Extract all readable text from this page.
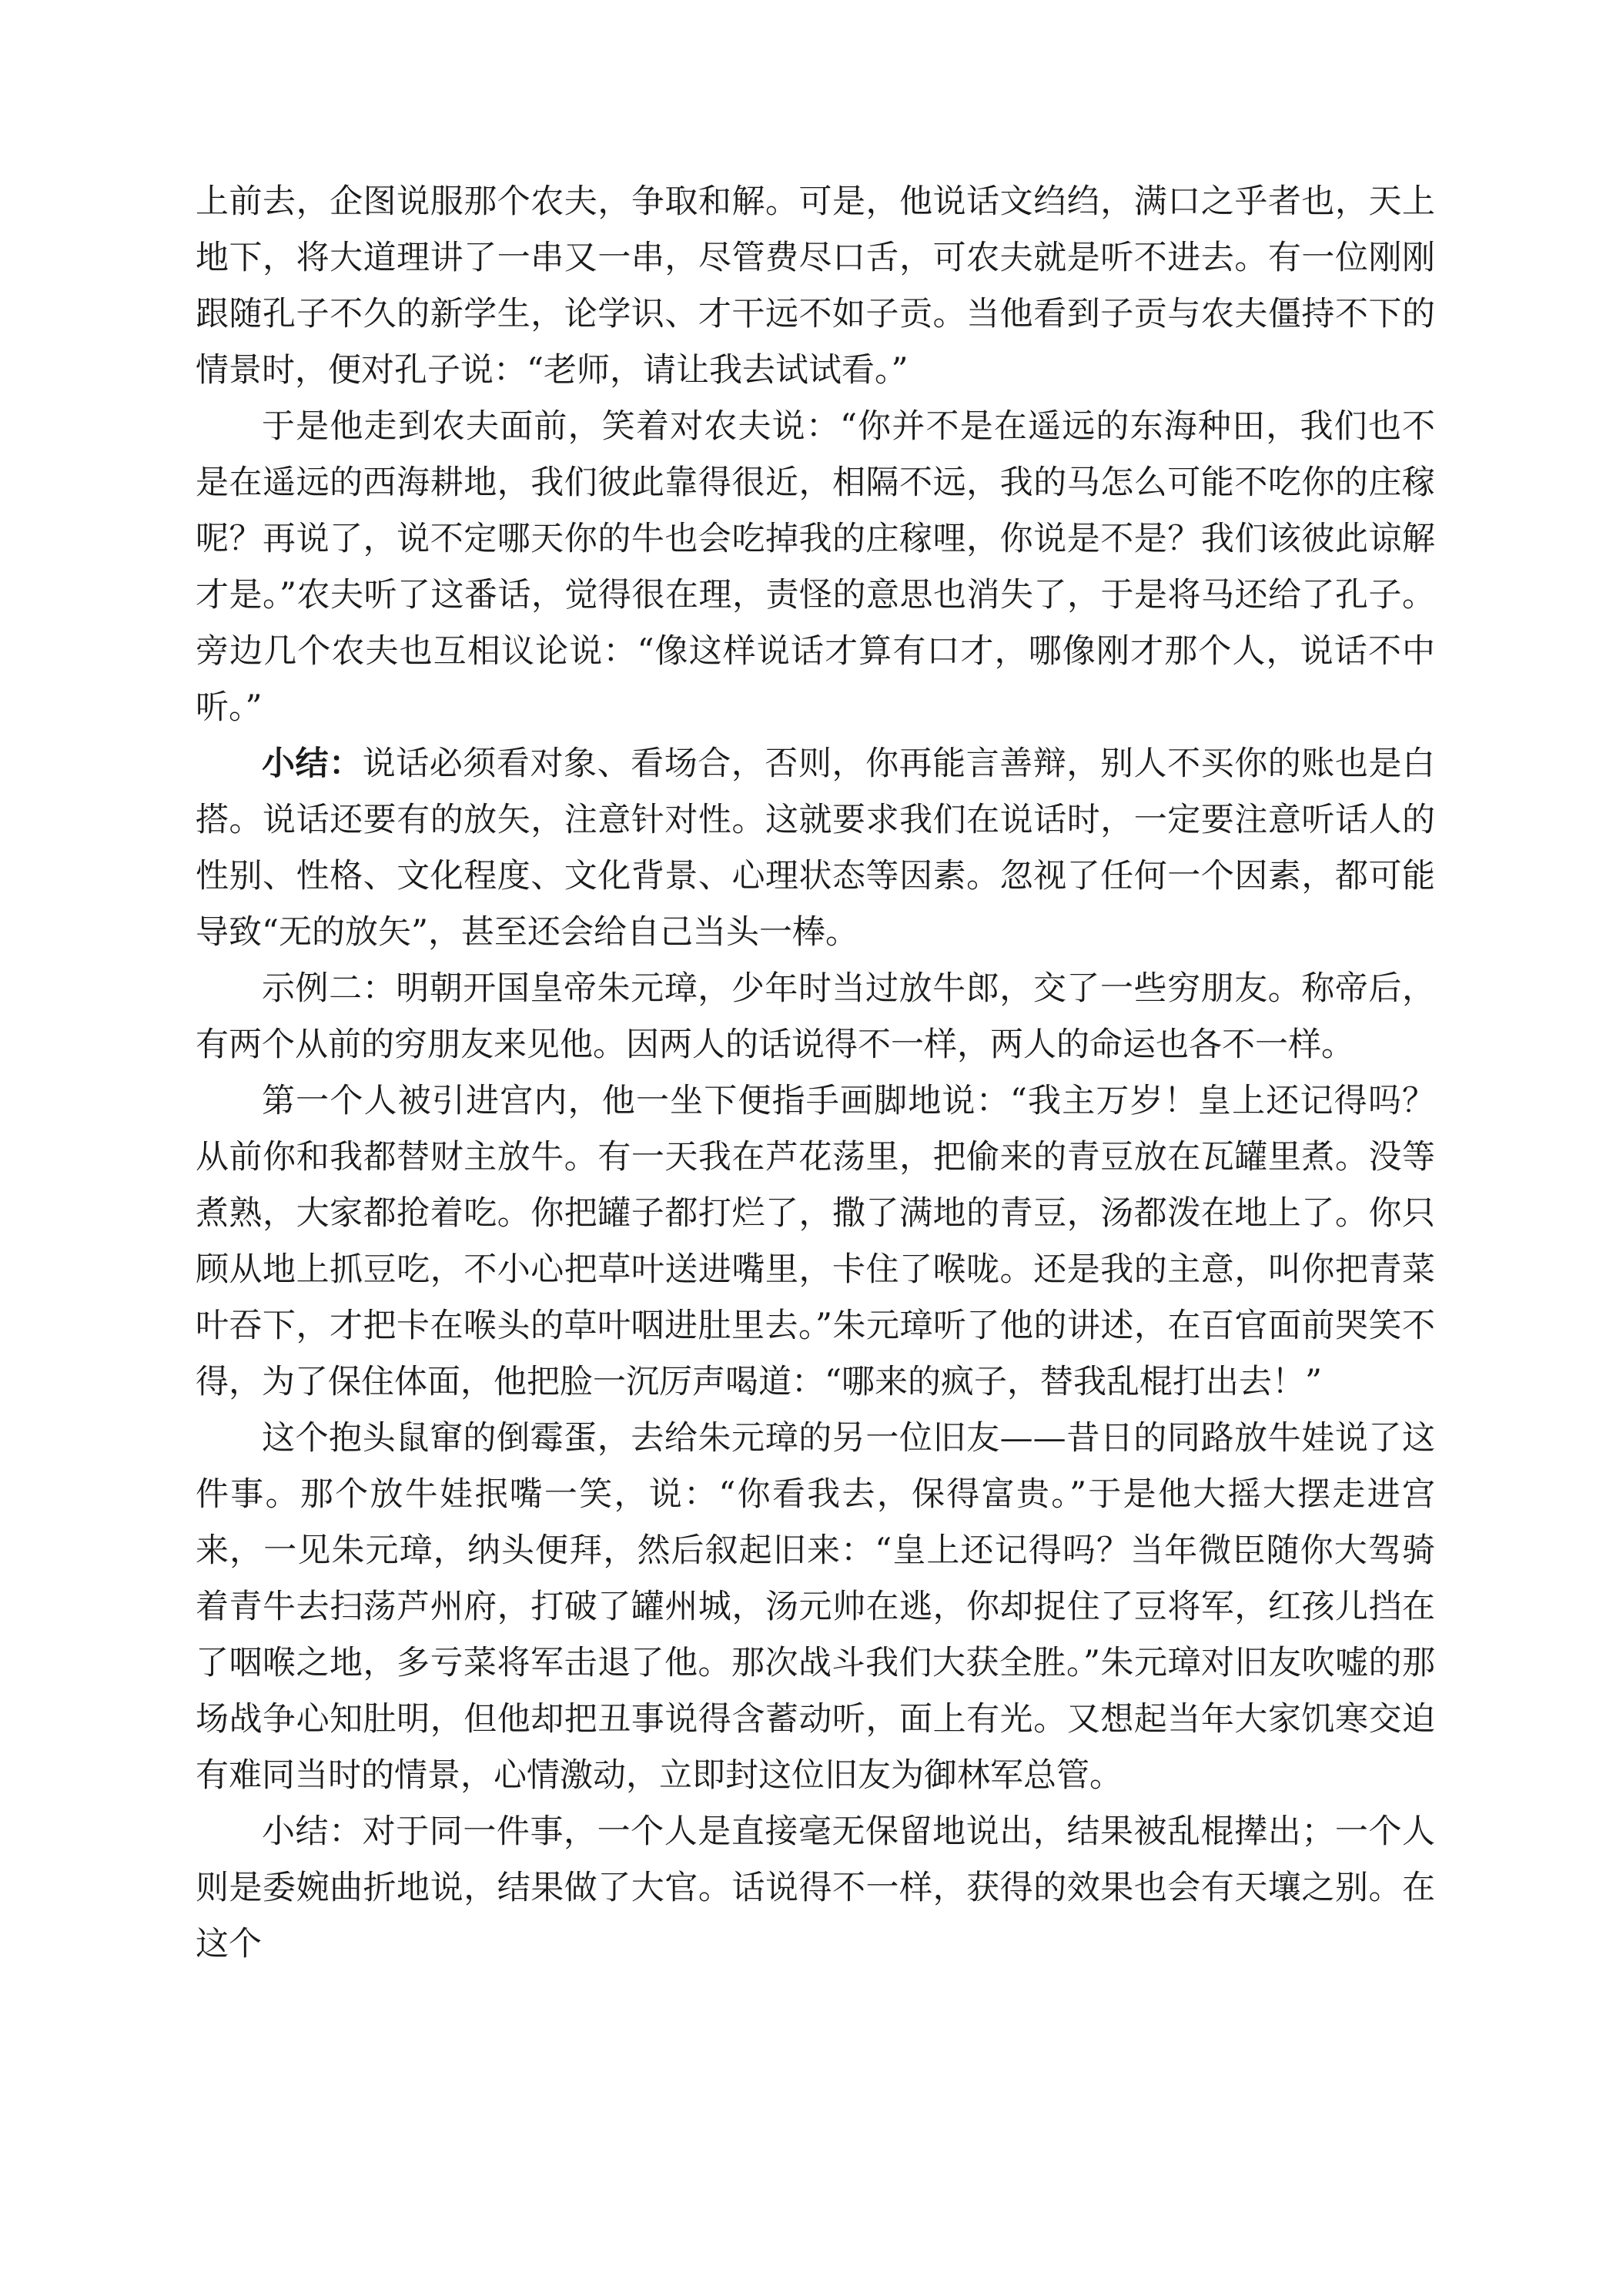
上前去，企图说服那个农夫，争取和解。可是，他说话文绉绉，满口之乎者也，天上地下，将大道理讲了一串又一串，尽管费尽口舌，可农夫就是听不进去。有一位刚刚跟随孔子不久的新学生，论学识、才干远不如子贡。当他看到子贡与农夫僵持不下的情景时，便对孔子说：“老师，请让我去试试看。”

于是他走到农夫面前，笑着对农夫说：“你并不是在遥远的东海种田，我们也不是在遥远的西海耕地，我们彼此靠得很近，相隔不远，我的马怎么可能不吃你的庄稼呢？再说了，说不定哪天你的牛也会吃掉我的庄稼哩，你说是不是？我们该彼此谅解才是。”农夫听了这番话，觉得很在理，责怪的意思也消失了，于是将马还给了孔子。旁边几个农夫也互相议论说：“像这样说话才算有口才，哪像刚才那个人，说话不中听。”

小结：说话必须看对象、看场合，否则，你再能言善辩，别人不买你的账也是白搭。说话还要有的放矢，注意针对性。这就要求我们在说话时，一定要注意听话人的性别、性格、文化程度、文化背景、心理状态等因素。忽视了任何一个因素，都可能导致“无的放矢”，甚至还会给自己当头一棒。

示例二：明朝开国皇帝朱元璋，少年时当过放牛郎，交了一些穷朋友。称帝后，有两个从前的穷朋友来见他。因两人的话说得不一样，两人的命运也各不一样。

第一个人被引进宫内，他一坐下便指手画脚地说：“我主万岁！皇上还记得吗？从前你和我都替财主放牛。有一天我在芦花荡里，把偷来的青豆放在瓦罐里煮。没等煮熟，大家都抢着吃。你把罐子都打烂了，撒了满地的青豆，汤都泼在地上了。你只顾从地上抓豆吃，不小心把草叶送进嘴里，卡住了喉咙。还是我的主意，叫你把青菜叶吞下，才把卡在喉头的草叶咽进肚里去。”朱元璋听了他的讲述，在百官面前哭笑不得，为了保住体面，他把脸一沉厉声喝道：“哪来的疯子，替我乱棍打出去！”

这个抱头鼠窜的倒霉蛋，去给朱元璋的另一位旧友——昔日的同路放牛娃说了这件事。那个放牛娃抿嘴一笑，说：“你看我去，保得富贵。”于是他大摇大摆走进宫来，一见朱元璋，纳头便拜，然后叙起旧来：“皇上还记得吗？当年微臣随你大驾骑着青牛去扫荡芦州府，打破了罐州城，汤元帅在逃，你却捉住了豆将军，红孩儿挡在了咽喉之地，多亏菜将军击退了他。那次战斗我们大获全胜。”朱元璋对旧友吹嘘的那场战争心知肚明，但他却把丑事说得含蓄动听，面上有光。又想起当年大家饥寒交迫有难同当时的情景，心情激动，立即封这位旧友为御林军总管。

小结：对于同一件事，一个人是直接毫无保留地说出，结果被乱棍撵出；一个人则是委婉曲折地说，结果做了大官。话说得不一样，获得的效果也会有天壤之别。在这个
